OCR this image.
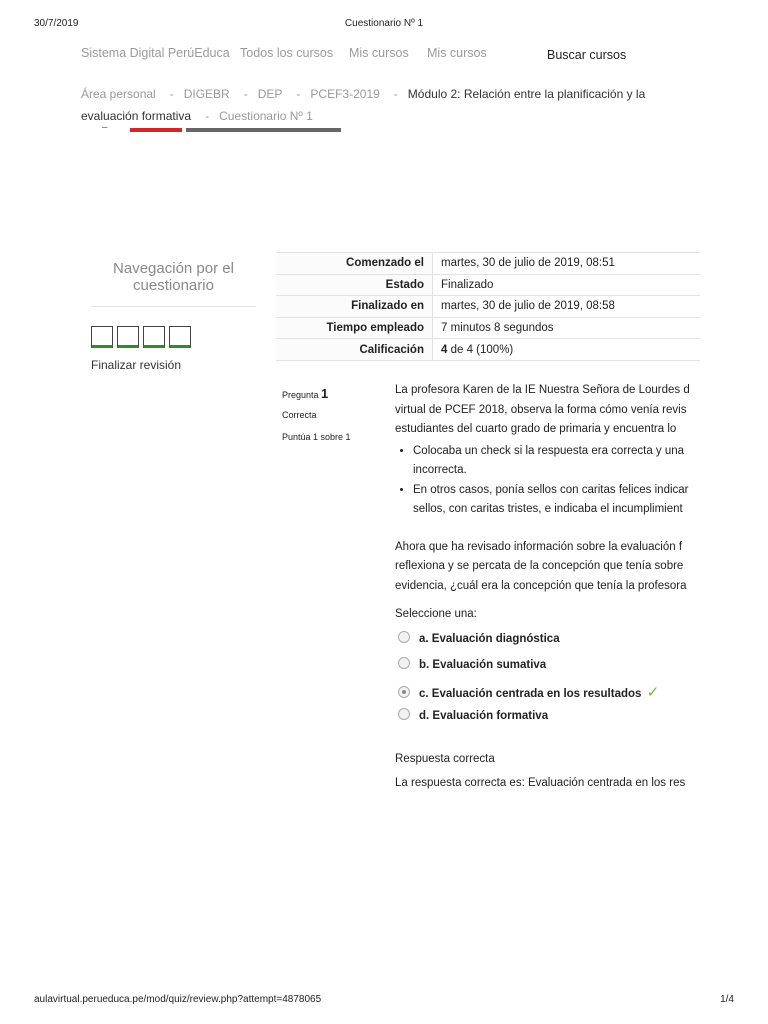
30/7/2019	Cuestionario Nº 1
Sistema Digital PerúEduca Todos los cursos Mis cursos Mis cursos	Buscar cursos
Área personal - DIGEBR - DEP - PCEF3-2019 - Módulo 2: Relación entre la planificación y la evaluación formativa - Cuestionario Nº 1
–
Navegación por el cuestionario
Finalizar revisión
Comenzado el	martes, 30 de julio de 2019, 08:51
Estado	Finalizado
Finalizado en	martes, 30 de julio de 2019, 08:58
Tiempo empleado	7 minutos 8 segundos
Calificación	4 de 4 (100%)
Pregunta 1
Correcta
Puntúa 1 sobre 1

La profesora Karen de la IE Nuestra Señora de Lourdes d

virtual de PCEF 2018, observa la forma cómo venía revis

estudiantes del cuarto grado de primaria y encuentra lo

• Colocaba un check si la respuesta era correcta y una
incorrecta.
• En otros casos, ponía sellos con caritas felices indicar
sellos, con caritas tristes, e indicaba el incumplimient

Ahora que ha revisado información sobre la evaluación f

reflexiona y se percata de la concepción que tenía sobre

evidencia, ¿cuál era la concepción que tenía la profesora

Seleccione una:
a. Evaluación diagnóstica
b. Evaluación sumativa
c. Evaluación centrada en los resultados ✓
d. Evaluación formativa
Respuesta correcta
La respuesta correcta es: Evaluación centrada en los res
aulavirtual.perueduca.pe/mod/quiz/review.php?attempt=4878065	1/4
